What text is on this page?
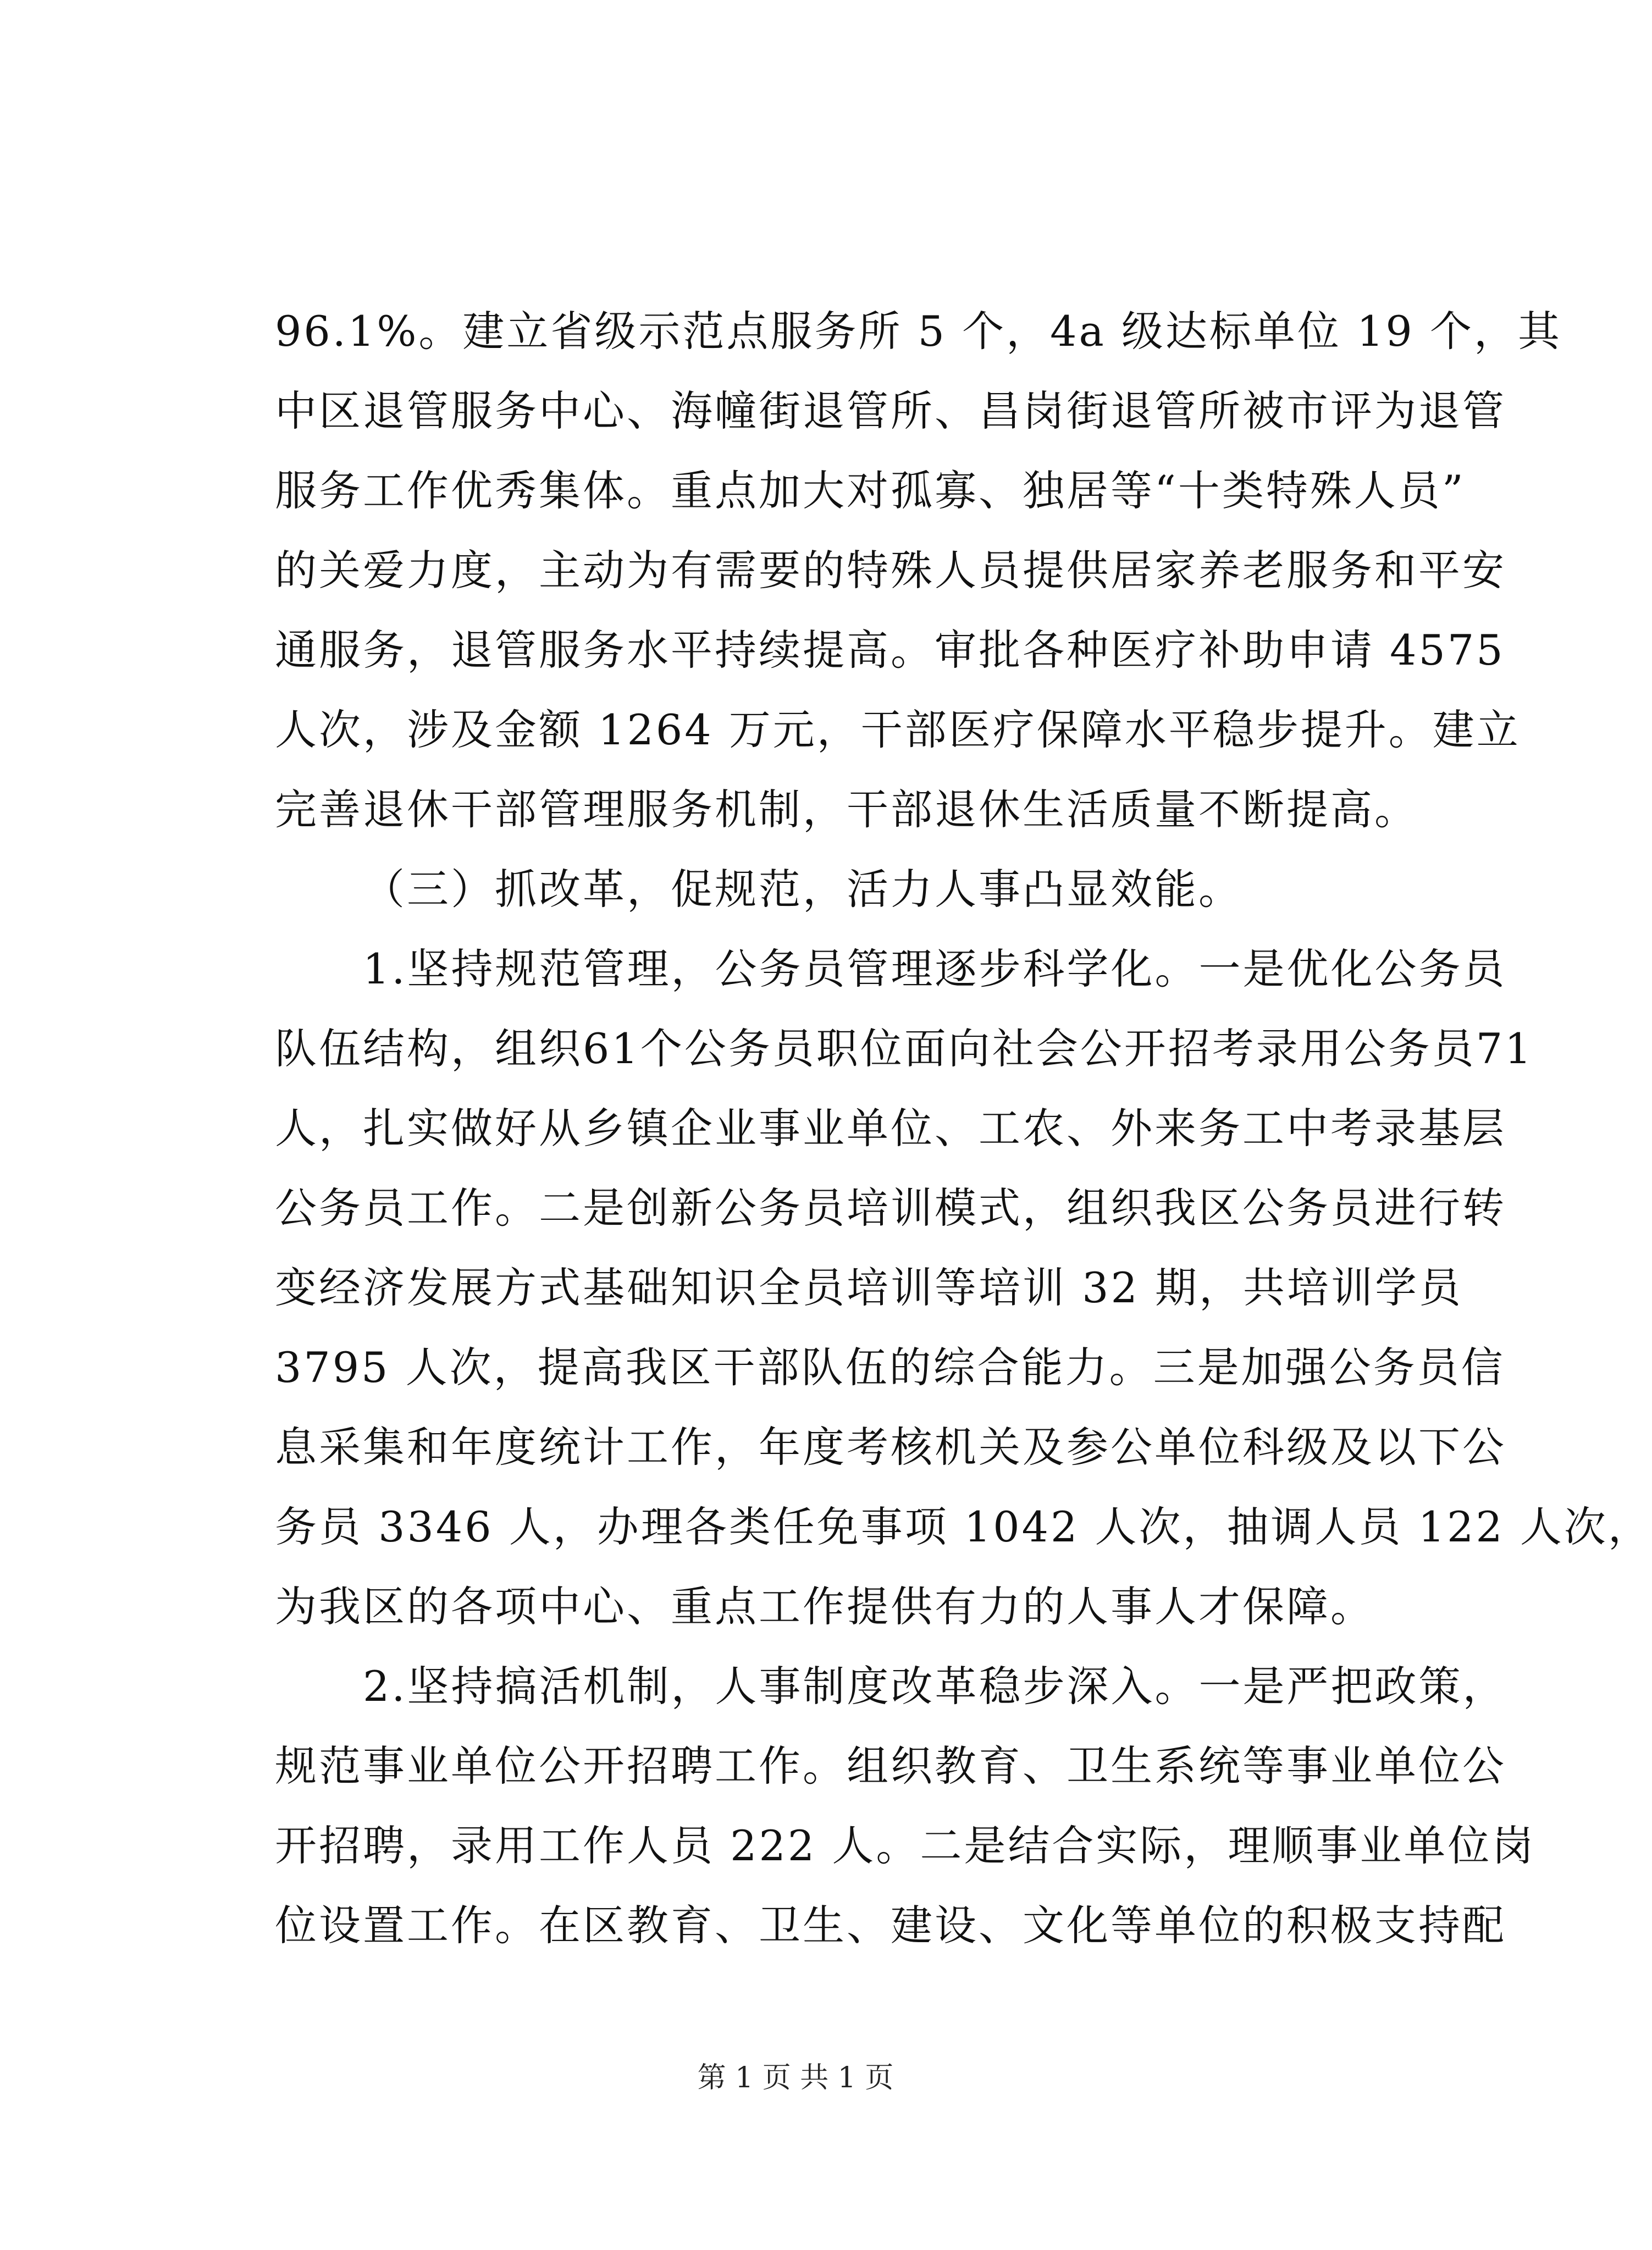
96.1%。建立省级示范点服务所 5 个，4a 级达标单位 19 个，其
中区退管服务中心、海幢街退管所、昌岗街退管所被市评为退管
服务工作优秀集体。重点加大对孤寡、独居等“十类特殊人员”
的关爱力度，主动为有需要的特殊人员提供居家养老服务和平安
通服务，退管服务水平持续提高。审批各种医疗补助申请 4575
人次，涉及金额 1264 万元，干部医疗保障水平稳步提升。建立
完善退休干部管理服务机制，干部退休生活质量不断提高。
（三）抓改革，促规范，活力人事凸显效能。
1.坚持规范管理，公务员管理逐步科学化。一是优化公务员
队伍结构，组织61个公务员职位面向社会公开招考录用公务员71
人，扎实做好从乡镇企业事业单位、工农、外来务工中考录基层
公务员工作。二是创新公务员培训模式，组织我区公务员进行转
变经济发展方式基础知识全员培训等培训 32 期，共培训学员
3795 人次，提高我区干部队伍的综合能力。三是加强公务员信
息采集和年度统计工作，年度考核机关及参公单位科级及以下公
务员 3346 人，办理各类任免事项 1042 人次，抽调人员 122 人次，
为我区的各项中心、重点工作提供有力的人事人才保障。
2.坚持搞活机制，人事制度改革稳步深入。一是严把政策，
规范事业单位公开招聘工作。组织教育、卫生系统等事业单位公
开招聘，录用工作人员 222 人。二是结合实际，理顺事业单位岗
位设置工作。在区教育、卫生、建设、文化等单位的积极支持配
第 1 页 共 1 页
